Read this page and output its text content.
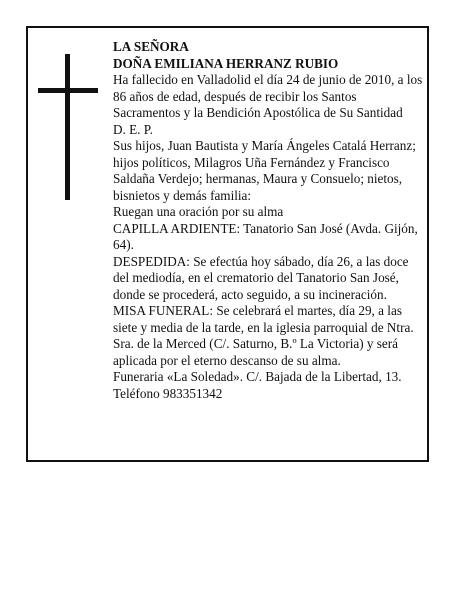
LA SEÑORA

DOÑA EMILIANA HERRANZ RUBIO

Ha fallecido en Valladolid el día 24 de junio de 2010, a los 86 años de edad, después de recibir los Santos Sacramentos y la Bendición Apostólica de Su Santidad

D. E. P.

Sus hijos, Juan Bautista y María Ángeles Catalá Herranz; hijos políticos, Milagros Uña Fernández y Francisco Saldaña Verdejo; hermanas, Maura y Consuelo; nietos, bisnietos y demás familia:

Ruegan una oración por su alma

CAPILLA ARDIENTE: Tanatorio San José (Avda. Gijón, 64).

DESPEDIDA: Se efectúa hoy sábado, día 26, a las doce del mediodía, en el crematorio del Tanatorio San José, donde se procederá, acto seguido, a su incineración.

MISA FUNERAL: Se celebrará el martes, día 29, a las siete y media de la tarde, en la iglesia parroquial de Ntra. Sra. de la Merced (C/. Saturno, B.º La Victoria) y será aplicada por el eterno descanso de su alma.

Funeraria «La Soledad». C/. Bajada de la Libertad, 13. Teléfono 983351342
